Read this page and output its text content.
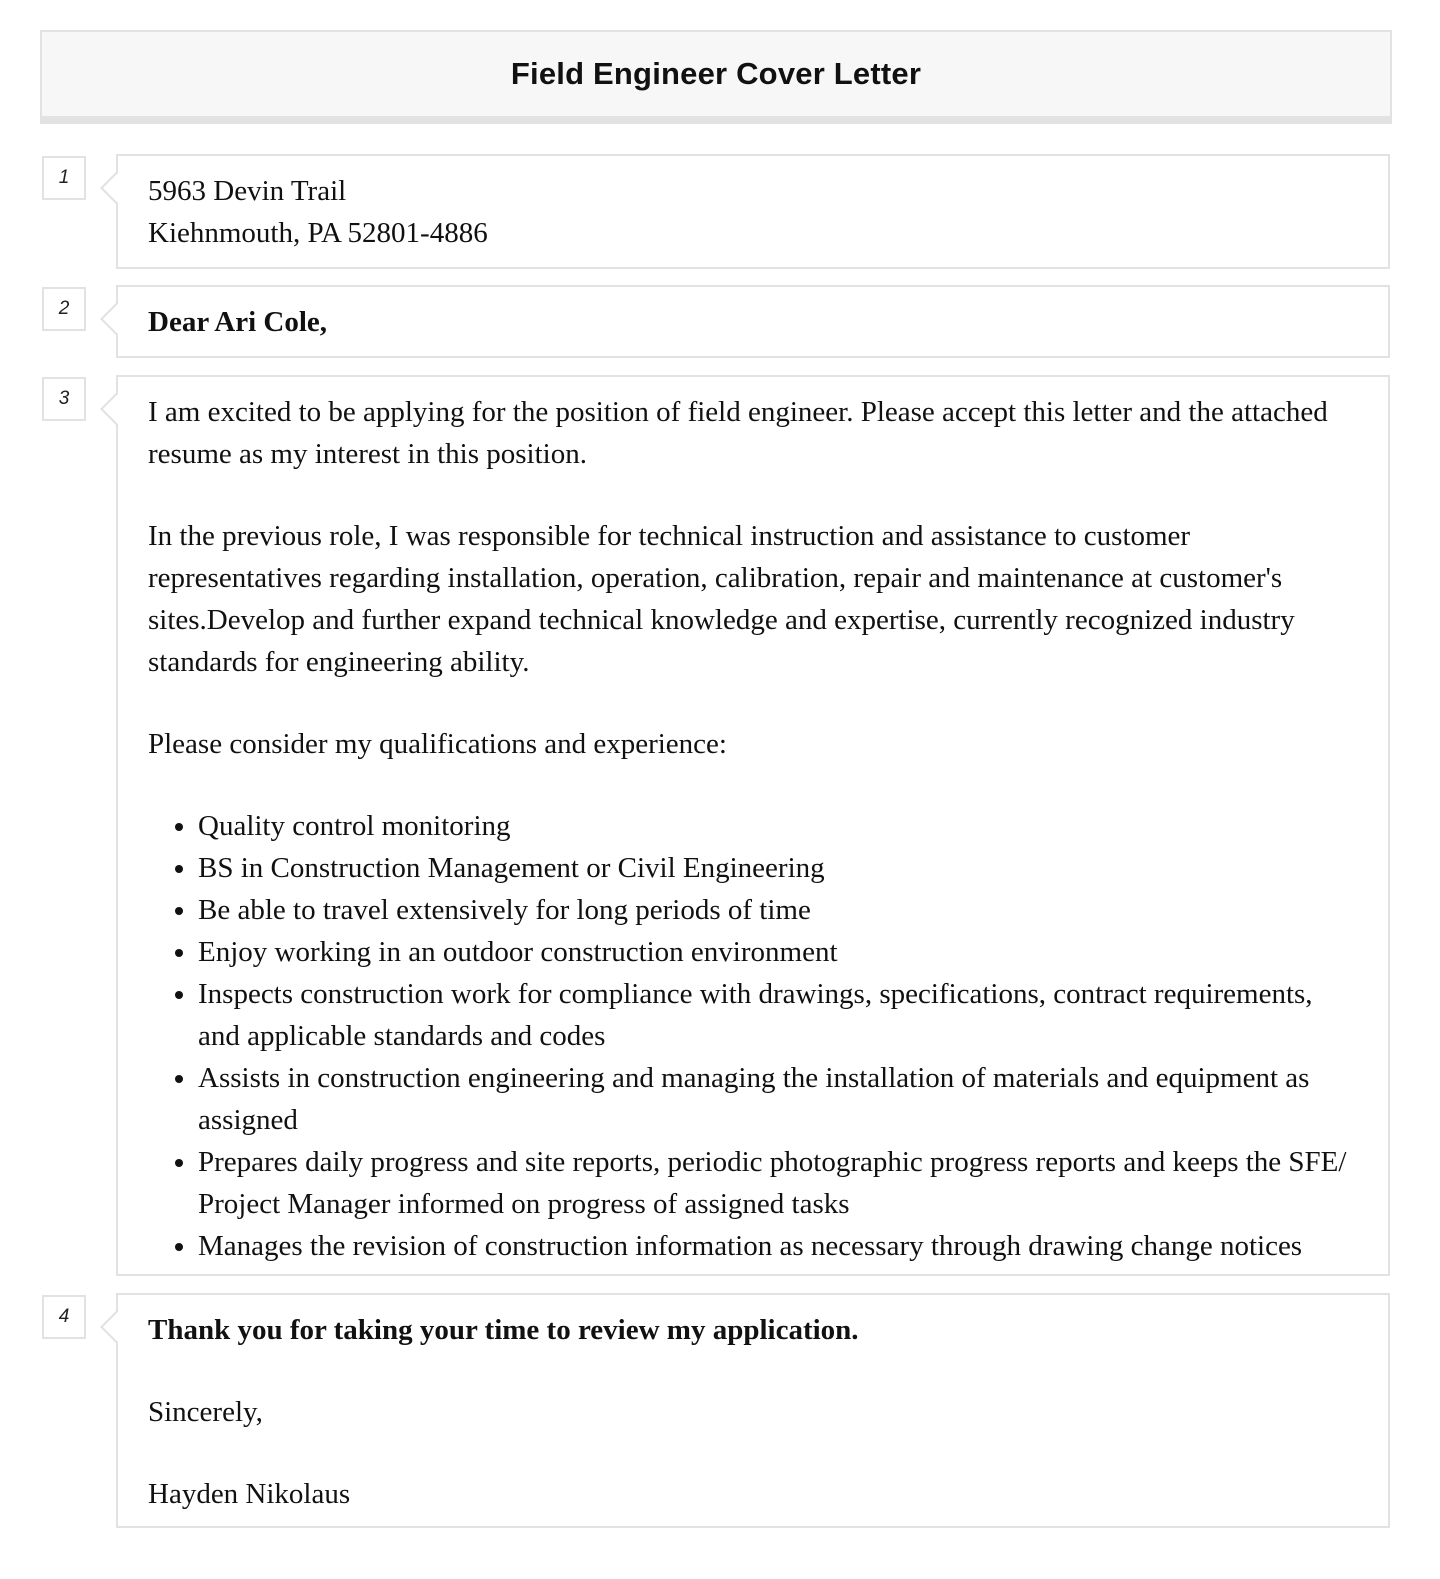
Field Engineer Cover Letter
1	5963 Devin Trail
Kiehnmouth, PA 52801-4886
2	Dear Ari Cole,
3	I am excited to be applying for the position of field engineer. Please accept this letter and the attached resume as my interest in this position.

In the previous role, I was responsible for technical instruction and assistance to customer representatives regarding installation, operation, calibration, repair and maintenance at customer's sites.Develop and further expand technical knowledge and expertise, currently recognized industry standards for engineering ability.

Please consider my qualifications and experience:

• Quality control monitoring
• BS in Construction Management or Civil Engineering
• Be able to travel extensively for long periods of time
• Enjoy working in an outdoor construction environment
• Inspects construction work for compliance with drawings, specifications, contract requirements, and applicable standards and codes
• Assists in construction engineering and managing the installation of materials and equipment as assigned
• Prepares daily progress and site reports, periodic photographic progress reports and keeps the SFE/ Project Manager informed on progress of assigned tasks
• Manages the revision of construction information as necessary through drawing change notices
4	Thank you for taking your time to review my application.

Sincerely,

Hayden Nikolaus
